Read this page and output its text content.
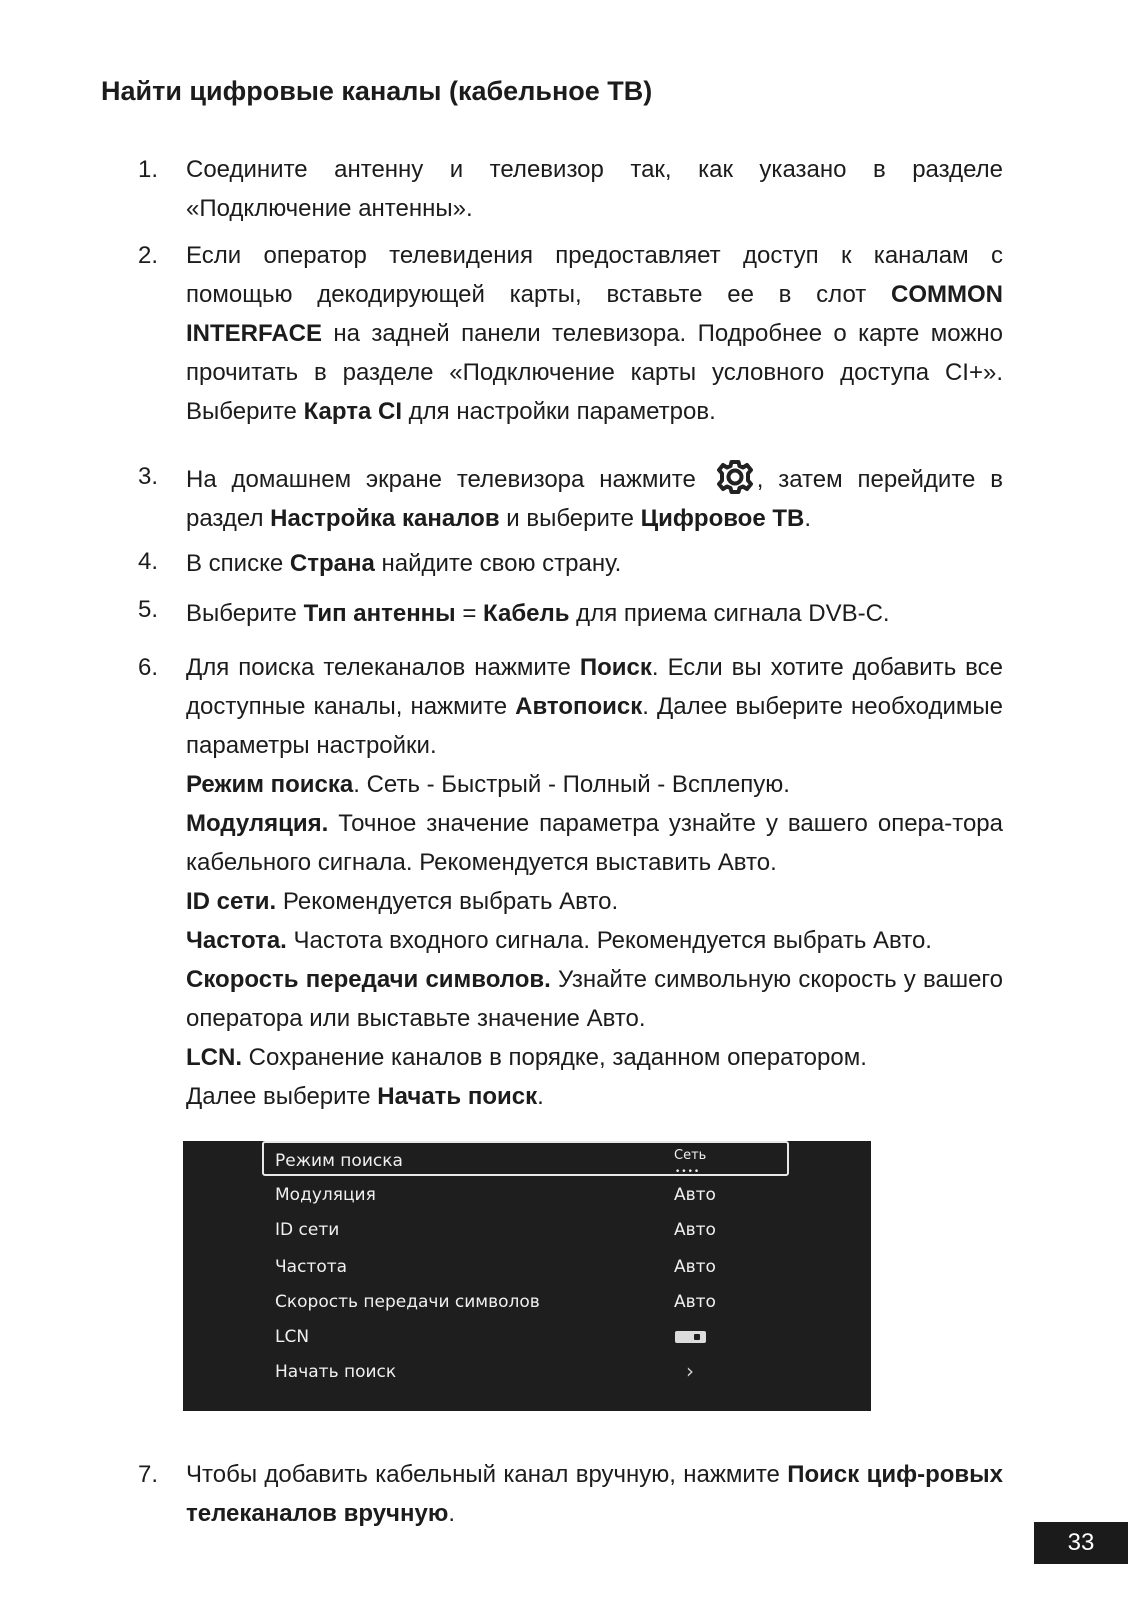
Найти цифровые каналы (кабельное ТВ)
1. Соедините антенну и телевизор так, как указано в разделе «Подключение антенны».

2. Если оператор телевидения предоставляет доступ к каналам с помощью декодирующей карты, вставьте ее в слот COMMON INTERFACE на задней панели телевизора. Подробнее о карте можно прочитать в разделе «Подключение карты условного доступа CI+». Выберите Карта CI для настройки параметров.

3. На домашнем экране телевизора нажмите
, затем перейдите в раздел Настройка каналов и выберите Цифровое ТВ.

4. В списке Страна найдите свою страну.

5. Выберите Тип антенны = Кабель для приема сигнала DVB-C.

6. Для поиска телеканалов нажмите Поиск. Если вы хотите добавить все доступные каналы, нажмите Автопоиск. Далее выберите необходимые параметры настройки.
Режим поиска. Сеть - Быстрый - Полный - Всплепую.
Модуляция. Точное значение параметра узнайте у вашего опера-тора кабельного сигнала. Рекомендуется выставить Авто.
ID сети. Рекомендуется выбрать Авто.
Частота. Частота входного сигнала. Рекомендуется выбрать Авто.
Скорость передачи символов. Узнайте символьную скорость у вашего оператора или выставьте значение Авто.
LCN. Сохранение каналов в порядке, заданном оператором.
Далее выберите Начать поиск.
Режим поиска	Сеть
••••
Модуляция	Авто
ID сети	Авто
Частота	Авто
Скорость передачи символов	Авто
LCN
Начать поиск	›
7. Чтобы добавить кабельный канал вручную, нажмите Поиск циф-ровых телеканалов вручную.

33
